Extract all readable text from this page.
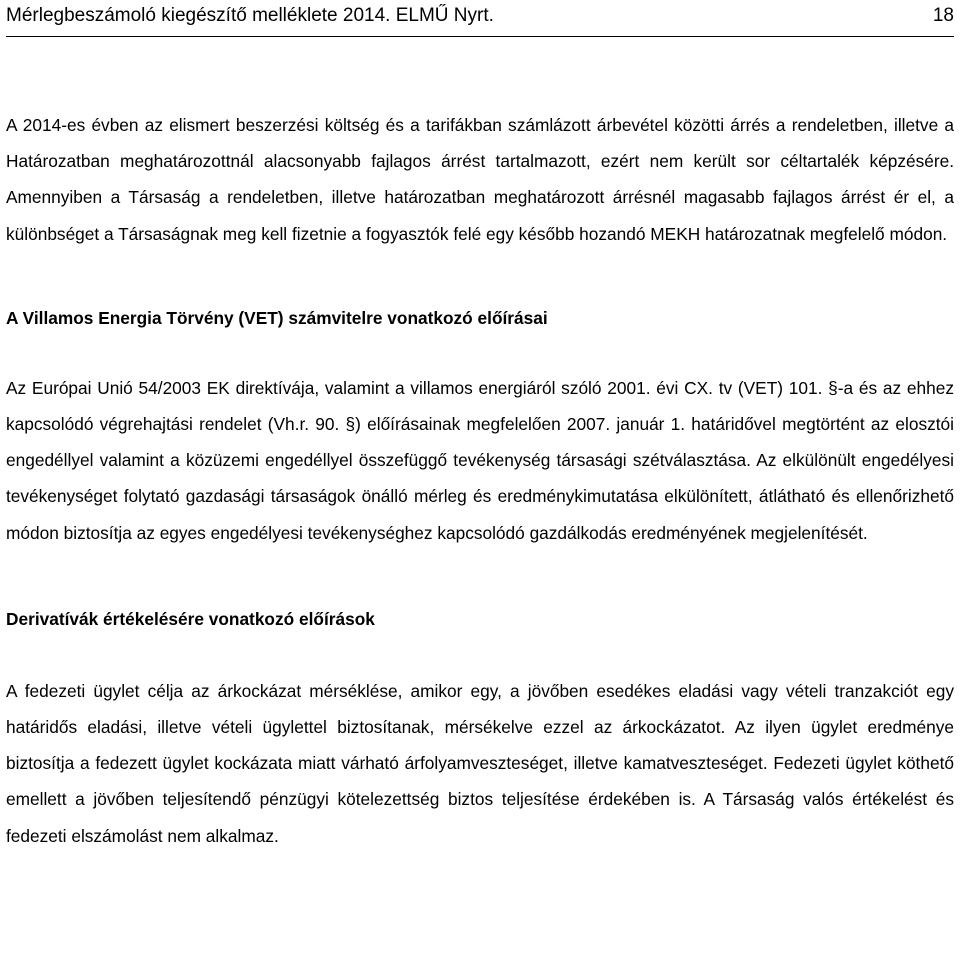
Mérlegbeszámoló kiegészítő melléklete 2014. ELMŰ Nyrt.	18

A 2014-es évben az elismert beszerzési költség és a tarifákban számlázott árbevétel közötti árrés a rendeletben, illetve a Határozatban meghatározottnál alacsonyabb fajlagos árrést tartalmazott, ezért nem került sor céltartalék képzésére. Amennyiben a Társaság a rendeletben, illetve határozatban meghatározott árrésnél magasabb fajlagos árrést ér el, a különbséget a Társaságnak meg kell fizetnie a fogyasztók felé egy később hozandó MEKH határozatnak megfelelő módon.

A Villamos Energia Törvény (VET) számvitelre vonatkozó előírásai

Az Európai Unió 54/2003 EK direktívája, valamint a villamos energiáról szóló 2001. évi CX. tv (VET) 101. §-a és az ehhez kapcsolódó végrehajtási rendelet (Vh.r. 90. §) előírásainak megfelelően 2007. január 1. határidővel megtörtént az elosztói engedéllyel valamint a közüzemi engedéllyel összefüggő tevékenység társasági szétválasztása. Az elkülönült engedélyesi tevékenységet folytató gazdasági társaságok önálló mérleg és eredménykimutatása elkülönített, átlátható és ellenőrizhető módon biztosítja az egyes engedélyesi tevékenységhez kapcsolódó gazdálkodás eredményének megjelenítését.

Derivatívák értékelésére vonatkozó előírások

A fedezeti ügylet célja az árkockázat mérséklése, amikor egy, a jövőben esedékes eladási vagy vételi tranzakciót egy határidős eladási, illetve vételi ügylettel biztosítanak, mérsékelve ezzel az árkockázatot. Az ilyen ügylet eredménye biztosítja a fedezett ügylet kockázata miatt várható árfolyamveszteséget, illetve kamatveszteséget. Fedezeti ügylet köthető emellett a jövőben teljesítendő pénzügyi kötelezettség biztos teljesítése érdekében is. A Társaság valós értékelést és fedezeti elszámolást nem alkalmaz.
